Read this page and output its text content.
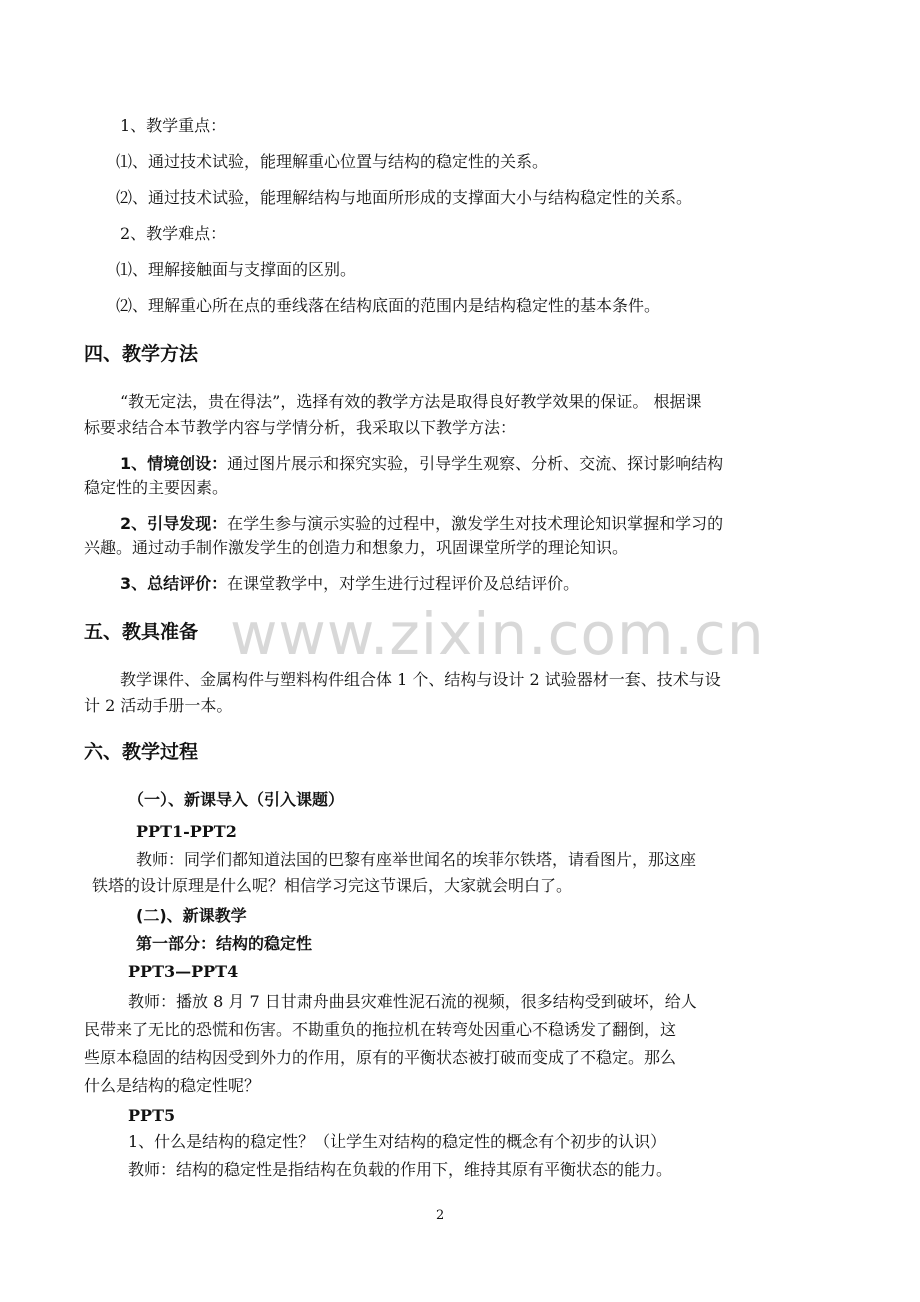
www.zixin.com.cn
1、教学重点：
⑴、通过技术试验，能理解重心位置与结构的稳定性的关系。
⑵、通过技术试验，能理解结构与地面所形成的支撑面大小与结构稳定性的关系。
2、教学难点：
⑴、理解接触面与支撑面的区别。
⑵、理解重心所在点的垂线落在结构底面的范围内是结构稳定性的基本条件。
四、教学方法
“教无定法，贵在得法”，选择有效的教学方法是取得良好教学效果的保证。 根据课
标要求结合本节教学内容与学情分析，我采取以下教学方法：
1、情境创设：通过图片展示和探究实验，引导学生观察、分析、交流、探讨影响结构
稳定性的主要因素。
2、引导发现：在学生参与演示实验的过程中，激发学生对技术理论知识掌握和学习的
兴趣。通过动手制作激发学生的创造力和想象力，巩固课堂所学的理论知识。
3、总结评价：在课堂教学中，对学生进行过程评价及总结评价。
五、教具准备
教学课件、金属构件与塑料构件组合体 1 个、结构与设计 2 试验器材一套、技术与设
计 2 活动手册一本。
六、教学过程
（一）、新课导入（引入课题）
PPT1-PPT2
教师：同学们都知道法国的巴黎有座举世闻名的埃菲尔铁塔，请看图片，那这座
铁塔的设计原理是什么呢？相信学习完这节课后，大家就会明白了。
(二)、新课教学
第一部分：结构的稳定性
PPT3—PPT4
教师：播放 8 月 7 日甘肃舟曲县灾难性泥石流的视频，很多结构受到破坏，给人
民带来了无比的恐慌和伤害。不勘重负的拖拉机在转弯处因重心不稳诱发了翻倒，这
些原本稳固的结构因受到外力的作用，原有的平衡状态被打破而变成了不稳定。那么
什么是结构的稳定性呢？
PPT5
1、什么是结构的稳定性？（让学生对结构的稳定性的概念有个初步的认识）
教师：结构的稳定性是指结构在负载的作用下，维持其原有平衡状态的能力。
2
